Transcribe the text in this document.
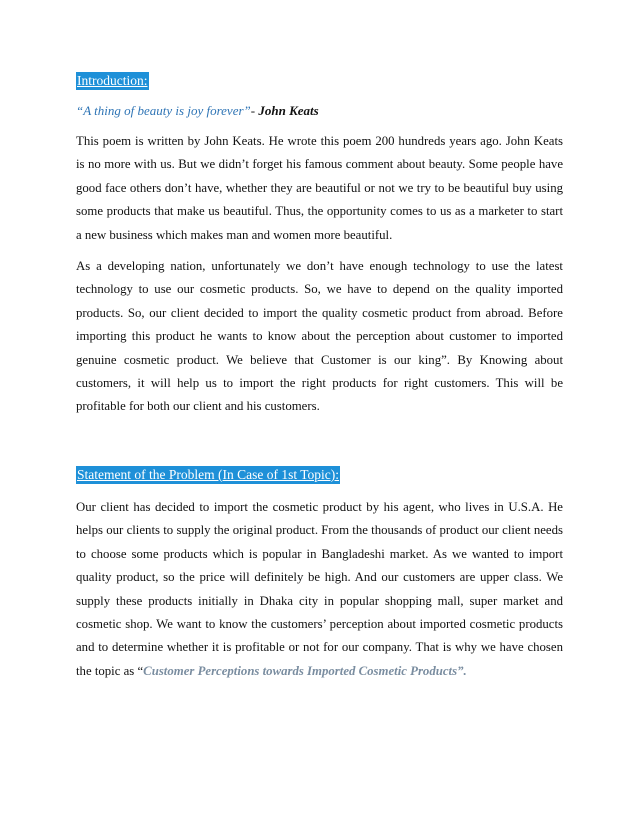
Introduction:
“A thing of beauty is joy forever”- John Keats

This poem is written by John Keats. He wrote this poem 200 hundreds years ago. John Keats is no more with us. But we didn’t forget his famous comment about beauty. Some people have good face others don’t have, whether they are beautiful or not we try to be beautiful buy using some products that make us beautiful. Thus, the opportunity comes to us as a marketer to start a new business which makes man and women more beautiful.

As a developing nation, unfortunately we don’t have enough technology to use the latest technology to use our cosmetic products. So, we have to depend on the quality imported products. So, our client decided to import the quality cosmetic product from abroad. Before importing this product he wants to know about the perception about customer to imported genuine cosmetic product. We believe that Customer is our king”. By Knowing about customers, it will help us to import the right products for right customers. This will be profitable for both our client and his customers.

Statement of the Problem (In Case of 1st Topic):

Our client has decided to import the cosmetic product by his agent, who lives in U.S.A. He helps our clients to supply the original product. From the thousands of product our client needs to choose some products which is popular in Bangladeshi market. As we wanted to import quality product, so the price will definitely be high. And our customers are upper class. We supply these products initially in Dhaka city in popular shopping mall, super market and cosmetic shop. We want to know the customers’ perception about imported cosmetic products and to determine whether it is profitable or not for our company. That is why we have chosen the topic as “Customer Perceptions towards Imported Cosmetic Products”.
